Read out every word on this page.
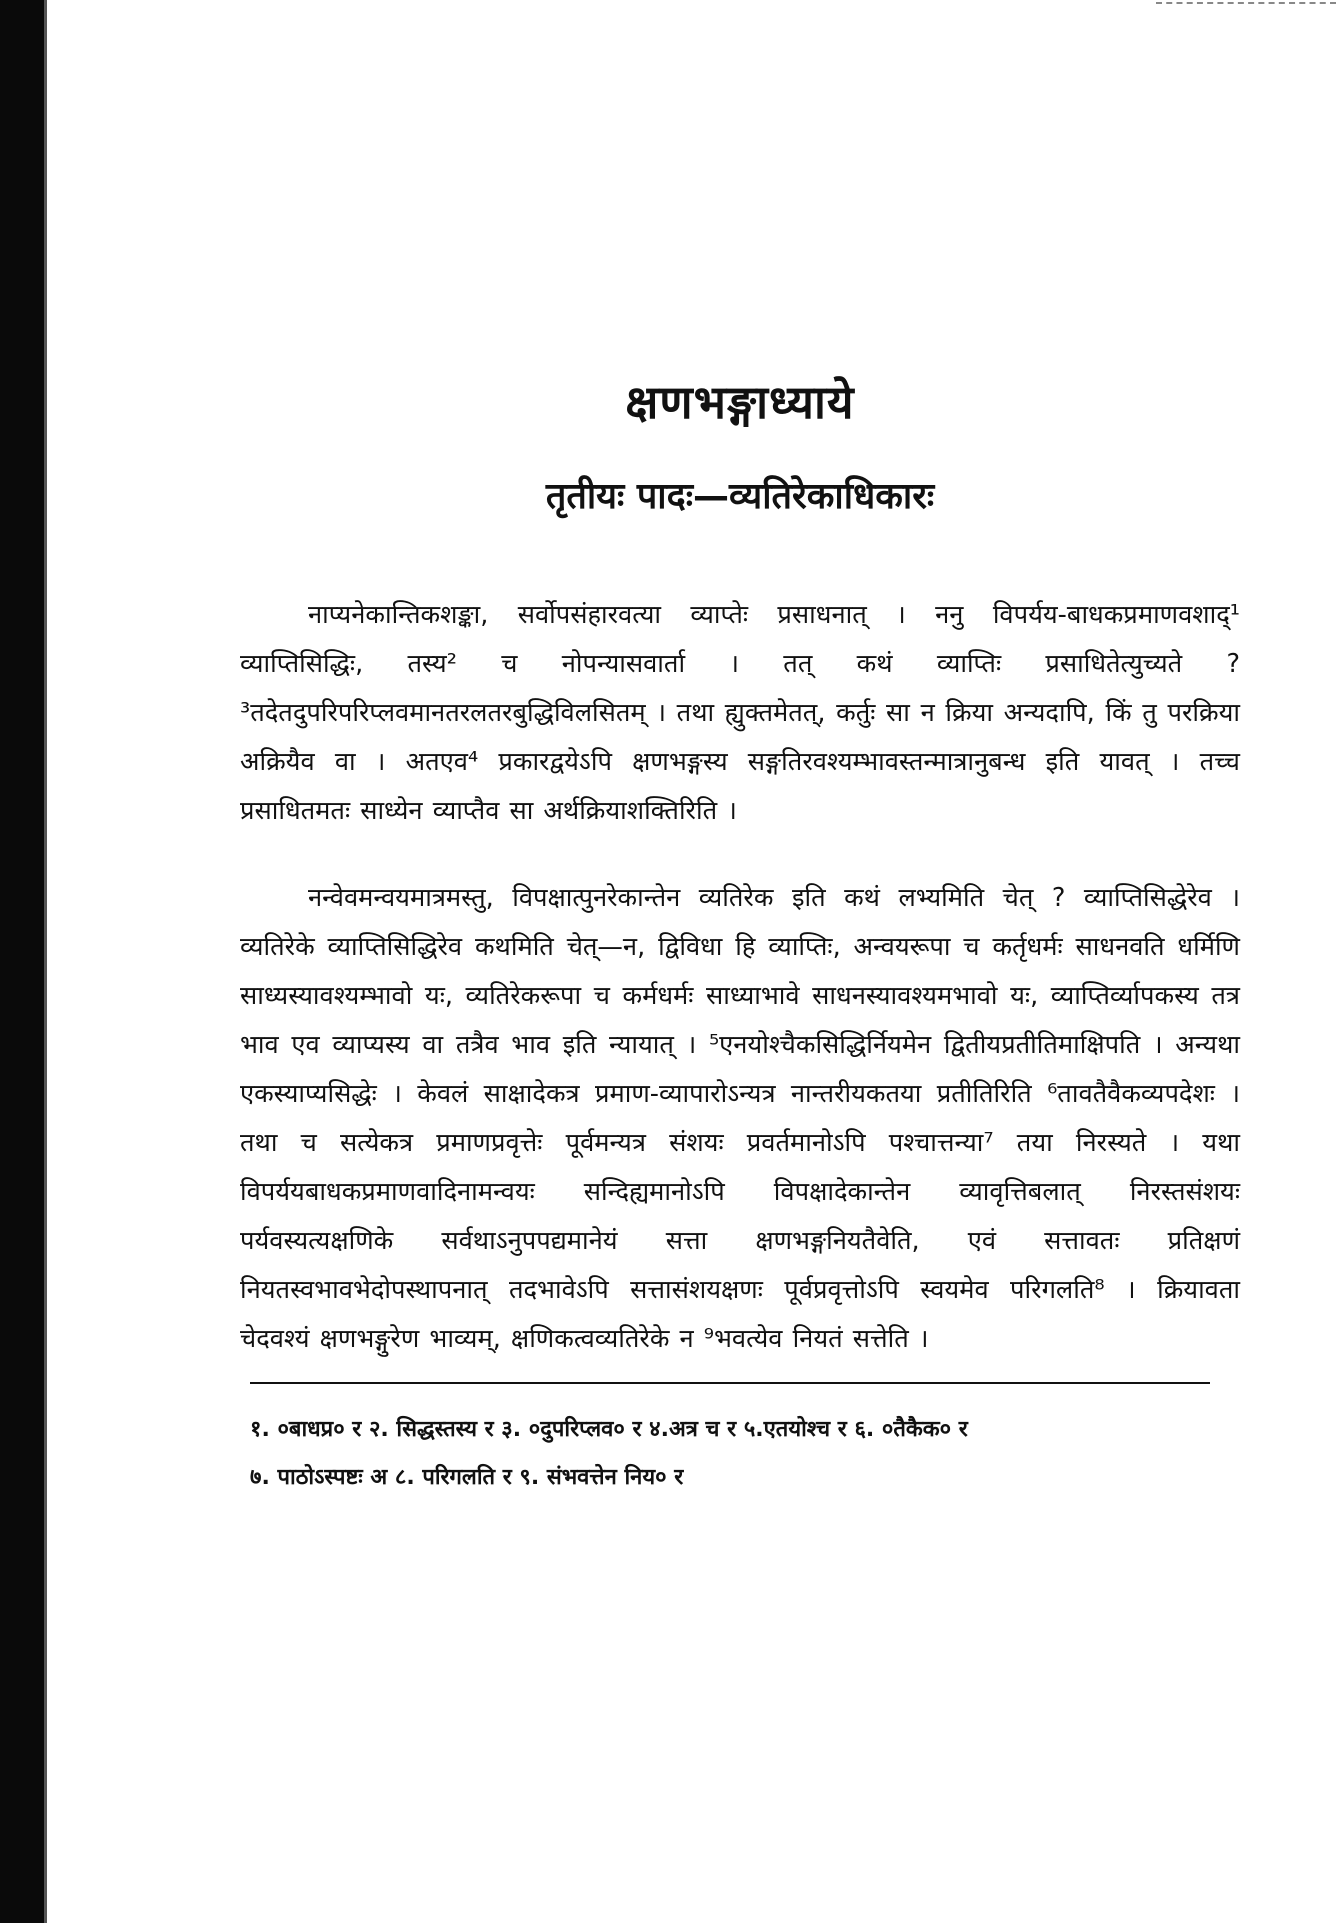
क्षणभङ्गाध्याये
तृतीयः पादः—व्यतिरेकाधिकारः

नाप्यनेकान्तिकशङ्का, सर्वोपसंहारवत्या व्याप्तेः प्रसाधनात् । ननु विपर्यय-बाधकप्रमाणवशाद्¹ व्याप्तिसिद्धिः, तस्य² च नोपन्यासवार्ता । तत् कथं व्याप्तिः प्रसाधितेत्युच्यते ? ³तदेतदुपरिपरिप्लवमानतरलतरबुद्धिविलसितम् । तथा ह्युक्तमेतत्, कर्तुः सा न क्रिया अन्यदापि, किं तु परक्रिया अक्रियैव वा । अतएव⁴ प्रकारद्वयेऽपि क्षणभङ्गस्य सङ्गतिरवश्यम्भावस्तन्मात्रानुबन्ध इति यावत् । तच्च प्रसाधितमतः साध्येन व्याप्तैव सा अर्थक्रियाशक्तिरिति ।

नन्वेवमन्वयमात्रमस्तु, विपक्षात्पुनरेकान्तेन व्यतिरेक इति कथं लभ्यमिति चेत् ? व्याप्तिसिद्धेरेव । व्यतिरेके व्याप्तिसिद्धिरेव कथमिति चेत्—न, द्विविधा हि व्याप्तिः, अन्वयरूपा च कर्तृधर्मः साधनवति धर्मिणि साध्यस्यावश्यम्भावो यः, व्यतिरेकरूपा च कर्मधर्मः साध्याभावे साधनस्यावश्यमभावो यः, व्याप्तिर्व्यापकस्य तत्र भाव एव व्याप्यस्य वा तत्रैव भाव इति न्यायात् । ⁵एनयोश्चैकसिद्धिर्नियमेन द्वितीयप्रतीतिमाक्षिपति । अन्यथा एकस्याप्यसिद्धेः । केवलं साक्षादेकत्र प्रमाण-व्यापारोऽन्यत्र नान्तरीयकतया प्रतीतिरिति ⁶तावतैवैकव्यपदेशः । तथा च सत्येकत्र प्रमाणप्रवृत्तेः पूर्वमन्यत्र संशयः प्रवर्तमानोऽपि पश्चात्तन्या⁷ तया निरस्यते । यथा विपर्ययबाधकप्रमाणवादिनामन्वयः सन्दिह्यमानोऽपि विपक्षादेकान्तेन व्यावृत्तिबलात् निरस्तसंशयः पर्यवस्यत्यक्षणिके सर्वथाऽनुपपद्यमानेयं सत्ता क्षणभङ्गनियतैवेति, एवं सत्तावतः प्रतिक्षणं नियतस्वभावभेदोपस्थापनात् तदभावेऽपि सत्तासंशयक्षणः पूर्वप्रवृत्तोऽपि स्वयमेव परिगलति⁸ । क्रियावता चेदवश्यं क्षणभङ्गुरेण भाव्यम्, क्षणिकत्वव्यतिरेके न ⁹भवत्येव नियतं सत्तेति ।

१. ०बाधप्र० र २. सिद्धस्तस्य र ३. ०दुपरिप्लव० र ४.अत्र च र ५.एतयोश्च र ६. ०तैकैक० र

७. पाठोऽस्पष्टः अ ८. परिगलति र ९. संभवत्तेन निय० र
